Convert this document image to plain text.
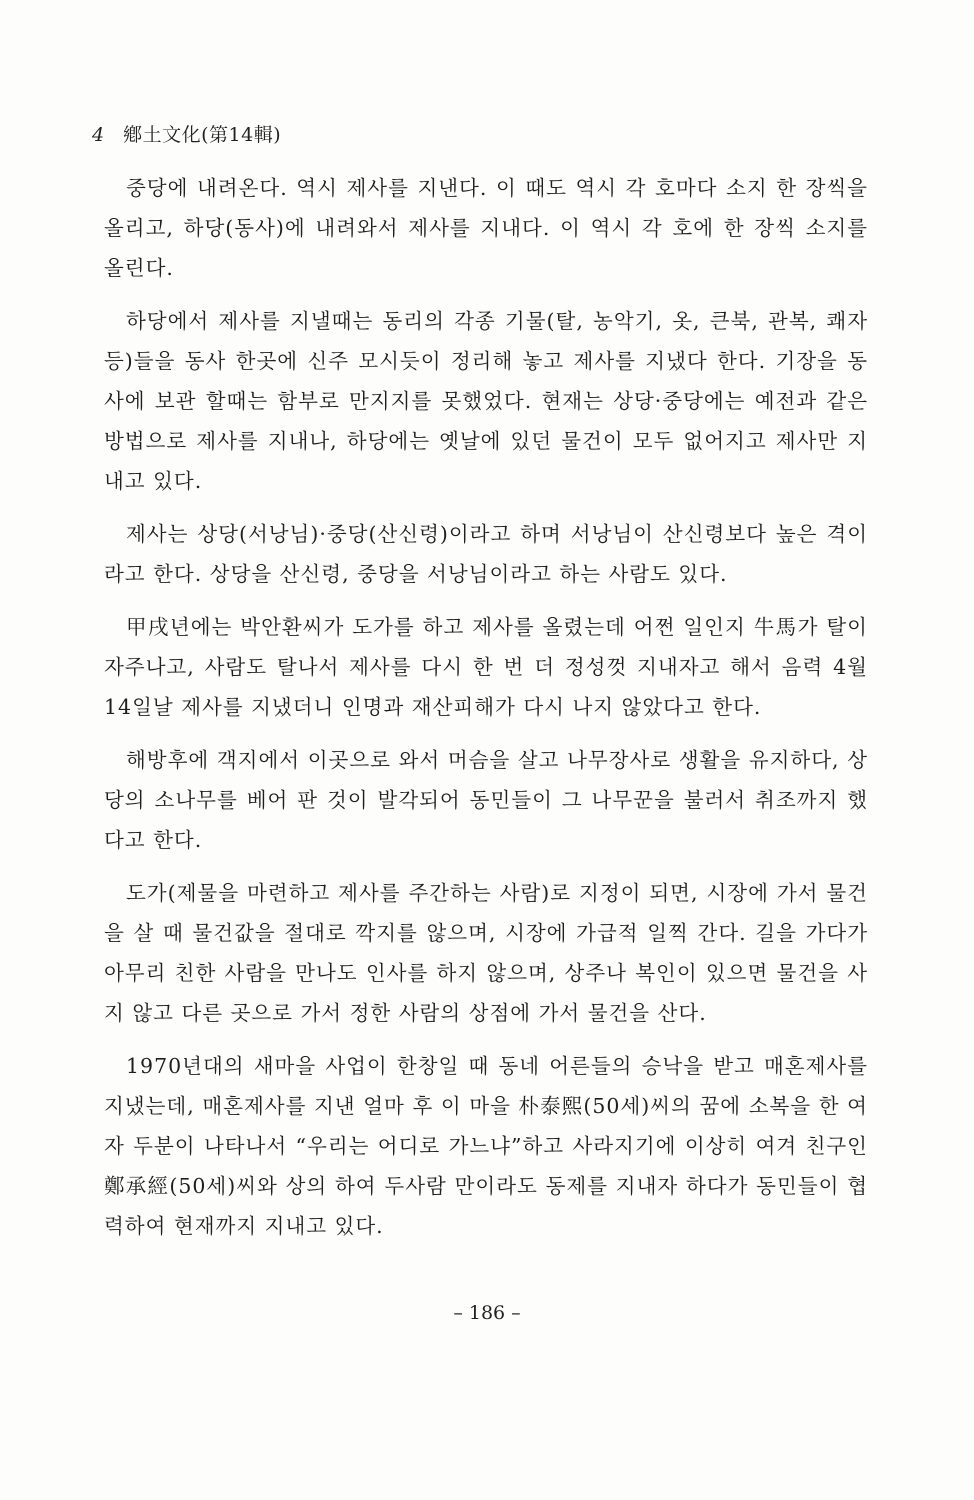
4 鄕土文化(第14輯)

중당에 내려온다. 역시 제사를 지낸다. 이 때도 역시 각 호마다 소지 한 장씩을 올리고, 하당(동사)에 내려와서 제사를 지내다. 이 역시 각 호에 한 장씩 소지를 올린다.

하당에서 제사를 지낼때는 동리의 각종 기물(탈, 농악기, 옷, 큰북, 관복, 쾌자등)들을 동사 한곳에 신주 모시듯이 정리해 놓고 제사를 지냈다 한다. 기장을 동사에 보관 할때는 함부로 만지지를 못했었다. 현재는 상당·중당에는 예전과 같은 방법으로 제사를 지내나, 하당에는 옛날에 있던 물건이 모두 없어지고 제사만 지내고 있다.

제사는 상당(서낭님)·중당(산신령)이라고 하며 서낭님이 산신령보다 높은 격이라고 한다. 상당을 산신령, 중당을 서낭님이라고 하는 사람도 있다.

甲戌년에는 박안환씨가 도가를 하고 제사를 올렸는데 어쩐 일인지 牛馬가 탈이 자주나고, 사람도 탈나서 제사를 다시 한 번 더 정성껏 지내자고 해서 음력 4월 14일날 제사를 지냈더니 인명과 재산피해가 다시 나지 않았다고 한다.

해방후에 객지에서 이곳으로 와서 머슴을 살고 나무장사로 생활을 유지하다, 상당의 소나무를 베어 판 것이 발각되어 동민들이 그 나무꾼을 불러서 취조까지 했다고 한다.

도가(제물을 마련하고 제사를 주간하는 사람)로 지정이 되면, 시장에 가서 물건을 살 때 물건값을 절대로 깍지를 않으며, 시장에 가급적 일찍 간다. 길을 가다가 아무리 친한 사람을 만나도 인사를 하지 않으며, 상주나 복인이 있으면 물건을 사지 않고 다른 곳으로 가서 정한 사람의 상점에 가서 물건을 산다.

1970년대의 새마을 사업이 한창일 때 동네 어른들의 승낙을 받고 매혼제사를 지냈는데, 매혼제사를 지낸 얼마 후 이 마을 朴泰熙(50세)씨의 꿈에 소복을 한 여자 두분이 나타나서 “우리는 어디로 가느냐”하고 사라지기에 이상히 여겨 친구인 鄭承經(50세)씨와 상의 하여 두사람 만이라도 동제를 지내자 하다가 동민들이 협력하여 현재까지 지내고 있다.

– 186 –
